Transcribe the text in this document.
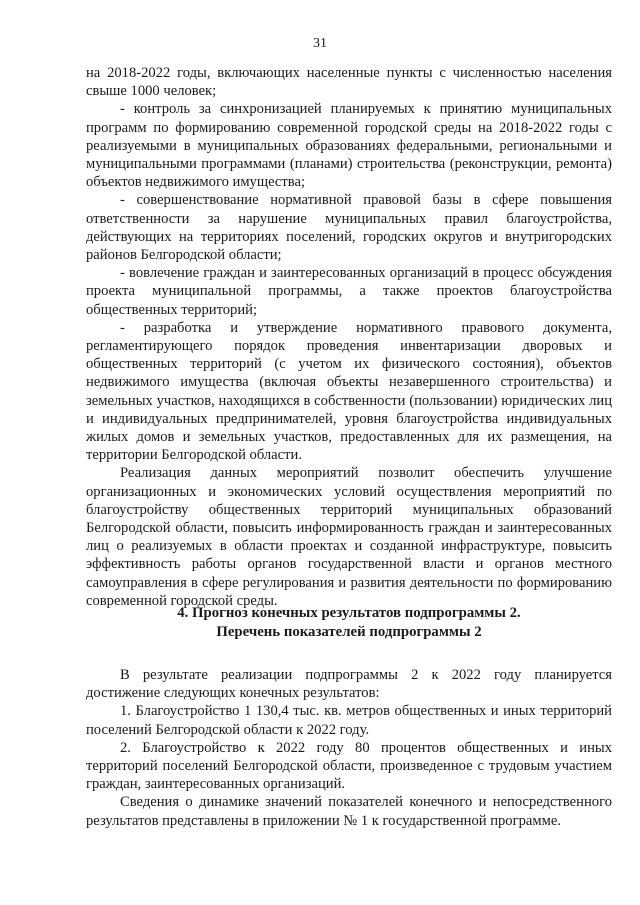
31

на 2018-2022 годы, включающих населенные пункты с численностью населения свыше 1000 человек;

- контроль за синхронизацией планируемых к принятию муниципальных программ по формированию современной городской среды на 2018-2022 годы с реализуемыми в муниципальных образованиях федеральными, региональными и муниципальными программами (планами) строительства (реконструкции, ремонта) объектов недвижимого имущества;

- совершенствование нормативной правовой базы в сфере повышения ответственности за нарушение муниципальных правил благоустройства, действующих на территориях поселений, городских округов и внутригородских районов Белгородской области;

- вовлечение граждан и заинтересованных организаций в процесс обсуждения проекта муниципальной программы, а также проектов благоустройства общественных территорий;

- разработка и утверждение нормативного правового документа, регламентирующего порядок проведения инвентаризации дворовых и общественных территорий (с учетом их физического состояния), объектов недвижимого имущества (включая объекты незавершенного строительства) и земельных участков, находящихся в собственности (пользовании) юридических лиц и индивидуальных предпринимателей, уровня благоустройства индивидуальных жилых домов и земельных участков, предоставленных для их размещения, на территории Белгородской области.

Реализация данных мероприятий позволит обеспечить улучшение организационных и экономических условий осуществления мероприятий по благоустройству общественных территорий муниципальных образований Белгородской области, повысить информированность граждан и заинтересованных лиц о реализуемых в области проектах и созданной инфраструктуре, повысить эффективность работы органов государственной власти и органов местного самоуправления в сфере регулирования и развития деятельности по формированию современной городской среды.

4. Прогноз конечных результатов подпрограммы 2.
Перечень показателей подпрограммы 2

В результате реализации подпрограммы 2 к 2022 году планируется достижение следующих конечных результатов:

1. Благоустройство 1 130,4 тыс. кв. метров общественных и иных территорий поселений Белгородской области к 2022 году.

2. Благоустройство к 2022 году 80 процентов общественных и иных территорий поселений Белгородской области, произведенное с трудовым участием граждан, заинтересованных организаций.

Сведения о динамике значений показателей конечного и непосредственного результатов представлены в приложении № 1 к государственной программе.
